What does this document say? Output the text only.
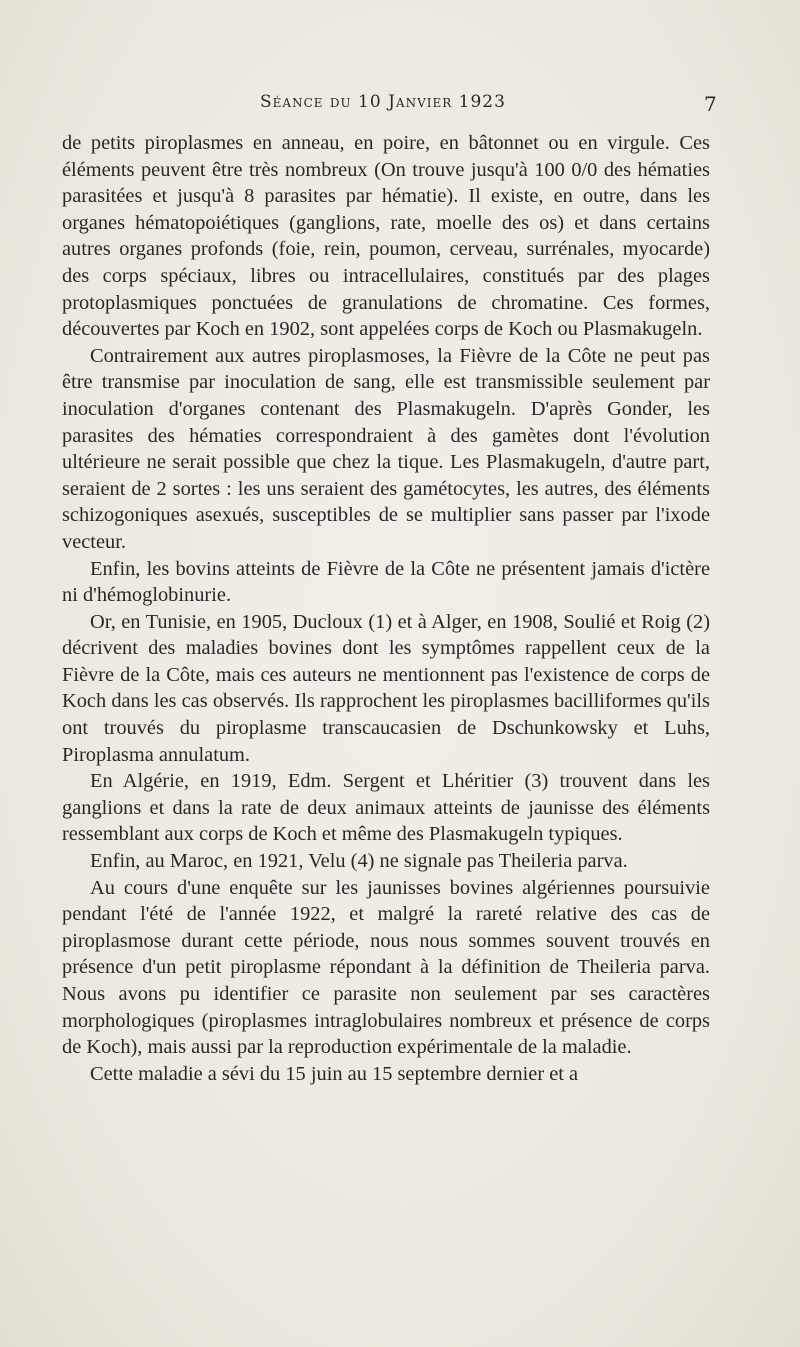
Séance du 10 Janvier 1923	7

de petits piroplasmes en anneau, en poire, en bâtonnet ou en virgule. Ces éléments peuvent être très nombreux (On trouve jusqu'à 100 0/0 des hématies parasitées et jusqu'à 8 parasites par hématie). Il existe, en outre, dans les organes hématopoiétiques (ganglions, rate, moelle des os) et dans certains autres organes profonds (foie, rein, poumon, cerveau, surrénales, myocarde) des corps spéciaux, libres ou intracellulaires, constitués par des plages protoplasmiques ponctuées de granulations de chromatine. Ces formes, découvertes par Koch en 1902, sont appelées corps de Koch ou Plasmakugeln.

Contrairement aux autres piroplasmoses, la Fièvre de la Côte ne peut pas être transmise par inoculation de sang, elle est transmissible seulement par inoculation d'organes contenant des Plasmakugeln. D'après Gonder, les parasites des hématies correspondraient à des gamètes dont l'évolution ultérieure ne serait possible que chez la tique. Les Plasmakugeln, d'autre part, seraient de 2 sortes : les uns seraient des gamétocytes, les autres, des éléments schizogoniques asexués, susceptibles de se multiplier sans passer par l'ixode vecteur.

Enfin, les bovins atteints de Fièvre de la Côte ne présentent jamais d'ictère ni d'hémoglobinurie.

Or, en Tunisie, en 1905, Ducloux (1) et à Alger, en 1908, Soulié et Roig (2) décrivent des maladies bovines dont les symptômes rappellent ceux de la Fièvre de la Côte, mais ces auteurs ne mentionnent pas l'existence de corps de Koch dans les cas observés. Ils rapprochent les piroplasmes bacilliformes qu'ils ont trouvés du piroplasme transcaucasien de Dschunkowsky et Luhs, Piroplasma annulatum.

En Algérie, en 1919, Edm. Sergent et Lhéritier (3) trouvent dans les ganglions et dans la rate de deux animaux atteints de jaunisse des éléments ressemblant aux corps de Koch et même des Plasmakugeln typiques.

Enfin, au Maroc, en 1921, Velu (4) ne signale pas Theileria parva.

Au cours d'une enquête sur les jaunisses bovines algériennes poursuivie pendant l'été de l'année 1922, et malgré la rareté relative des cas de piroplasmose durant cette période, nous nous sommes souvent trouvés en présence d'un petit piroplasme répondant à la définition de Theileria parva. Nous avons pu identifier ce parasite non seulement par ses caractères morphologiques (piroplasmes intraglobulaires nombreux et présence de corps de Koch), mais aussi par la reproduction expérimentale de la maladie.

Cette maladie a sévi du 15 juin au 15 septembre dernier et a
